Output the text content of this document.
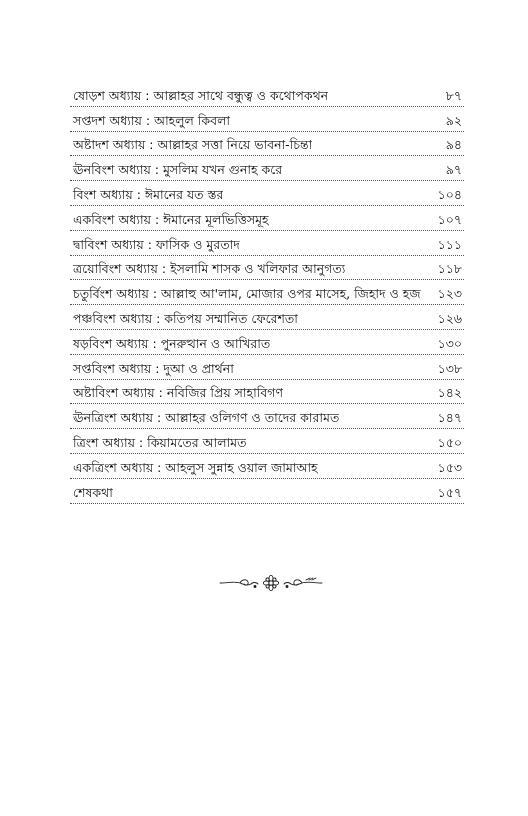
ষোড়শ অধ্যায় : আল্লাহর সাথে বন্ধুত্ব ও কথোপকথন	৮৭
সপ্তদশ অধ্যায় : আহলুল কিবলা	৯২
অষ্টাদশ অধ্যায় : আল্লাহর সত্তা নিয়ে ভাবনা-চিন্তা	৯৪
ঊনবিংশ অধ্যায় : মুসলিম যখন গুনাহ করে	৯৭
বিংশ অধ্যায় : ঈমানের যত স্তর	১০৪
একবিংশ অধ্যায় : ঈমানের মূলভিত্তিসমূহ	১০৭
দ্বাবিংশ অধ্যায় : ফাসিক ও মুরতাদ	১১১
ত্রয়োবিংশ অধ্যায় : ইসলামি শাসক ও খলিফার আনুগত্য	১১৮
চতুর্বিংশ অধ্যায় : আল্লাহু আ'লাম, মোজার ওপর মাসেহ, জিহাদ ও হজ ১২৩
পঞ্চবিংশ অধ্যায় : কতিপয় সম্মানিত ফেরেশতা	১২৬
ষড়বিংশ অধ্যায় : পুনরুত্থান ও আখিরাত	১৩০
সপ্তবিংশ অধ্যায় : দুআ ও প্রার্থনা	১৩৮
অষ্টাবিংশ অধ্যায় : নবিজির প্রিয় সাহাবিগণ	১৪২
ঊনত্রিংশ অধ্যায় : আল্লাহর ওলিগণ ও তাদের কারামত	১৪৭
ত্রিংশ অধ্যায় : কিয়ামতের আলামত	১৫০
একত্রিংশ অধ্যায় : আহলুস সুন্নাহ ওয়াল জামাআহ	১৫৩
শেষকথা	১৫৭
